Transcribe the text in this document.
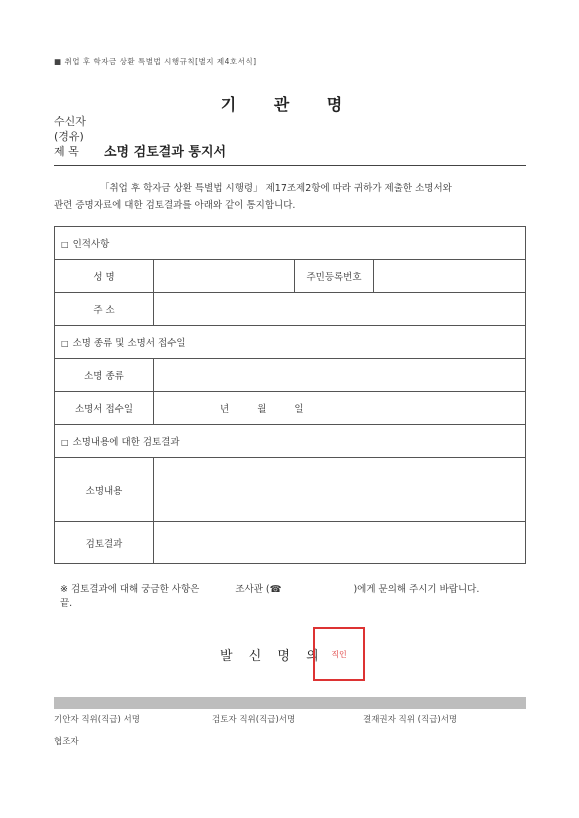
■ 취업 후 학자금 상환 특별법 시행규칙[별지 제4호서식]
기 관 명
수신자
(경유)
제 목 소명 검토결과 통지서
「취업 후 학자금 상환 특별법 시행령」 제17조제2항에 따라 귀하가 제출한 소명서와
관련 증명자료에 대한 검토결과를 아래와 같이 통지합니다.
□ 인적사항			
성 명		주민등록번호	
주 소			
□ 소명 종류 및 소명서 접수일			
소명 종류			
소명서 접수일	년 월 일		
□ 소명내용에 대한 검토결과			
소명내용			
검토결과			
※ 검토결과에 대해 궁금한 사항은	조사관 (☎	)에게 문의해 주시기 바랍니다.
끝.
발 신 명 의 직인
기안자 직위(직급) 서명	검토자 직위(직급)서명	결재권자 직위 (직급)서명
협조자
